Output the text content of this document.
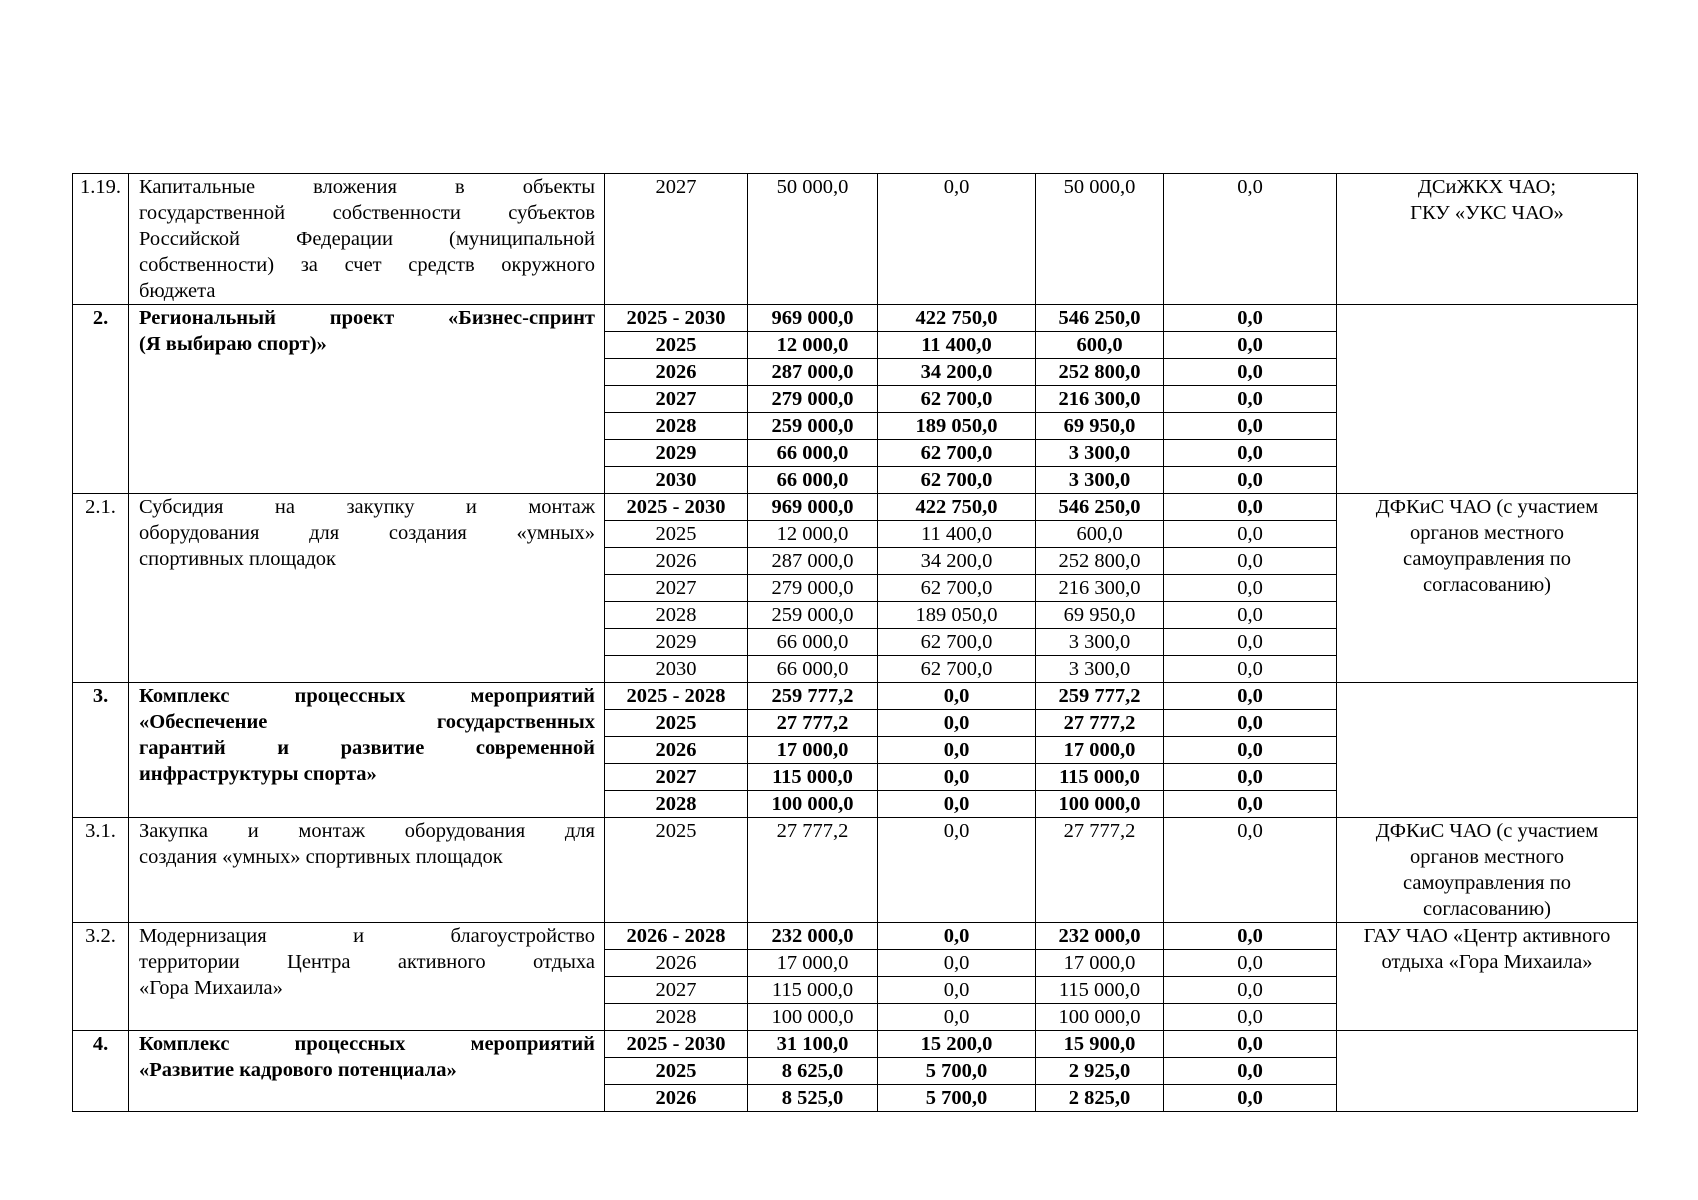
1.19.	Капитальные вложения в объекты
государственной собственности субъектов
Российской Федерации (муниципальной
собственности) за счет средств окружного
бюджета	2027	50 000,0	0,0	50 000,0	0,0	ДСиЖКХ ЧАО;
ГКУ «УКС ЧАО»
2.	Региональный проект «Бизнес-спринт
(Я выбираю спорт)»	2025 - 2030	969 000,0	422 750,0	546 250,0	0,0	
		2025	12 000,0	11 400,0	600,0	0,0	
		2026	287 000,0	34 200,0	252 800,0	0,0	
		2027	279 000,0	62 700,0	216 300,0	0,0	
		2028	259 000,0	189 050,0	69 950,0	0,0	
		2029	66 000,0	62 700,0	3 300,0	0,0	
		2030	66 000,0	62 700,0	3 300,0	0,0	
2.1.	Субсидия на закупку и монтаж
оборудования для создания «умных»
спортивных площадок	2025 - 2030	969 000,0	422 750,0	546 250,0	0,0	ДФКиС ЧАО (с участием органов местного самоуправления по согласованию)
		2025	12 000,0	11 400,0	600,0	0,0	
		2026	287 000,0	34 200,0	252 800,0	0,0	
		2027	279 000,0	62 700,0	216 300,0	0,0	
		2028	259 000,0	189 050,0	69 950,0	0,0	
		2029	66 000,0	62 700,0	3 300,0	0,0	
		2030	66 000,0	62 700,0	3 300,0	0,0	
3.	Комплекс процессных мероприятий
«Обеспечение государственных
гарантий и развитие современной
инфраструктуры спорта»	2025 - 2028	259 777,2	0,0	259 777,2	0,0	
		2025	27 777,2	0,0	27 777,2	0,0	
		2026	17 000,0	0,0	17 000,0	0,0	
		2027	115 000,0	0,0	115 000,0	0,0	
		2028	100 000,0	0,0	100 000,0	0,0	
3.1.	Закупка и монтаж оборудования для
создания «умных» спортивных площадок	2025	27 777,2	0,0	27 777,2	0,0	ДФКиС ЧАО (с участием органов местного самоуправления по согласованию)
3.2.	Модернизация и благоустройство
территории Центра активного отдыха
«Гора Михаила»	2026 - 2028	232 000,0	0,0	232 000,0	0,0	ГАУ ЧАО «Центр активного отдыха «Гора Михаила»
		2026	17 000,0	0,0	17 000,0	0,0	
		2027	115 000,0	0,0	115 000,0	0,0	
		2028	100 000,0	0,0	100 000,0	0,0	
4.	Комплекс процессных мероприятий
«Развитие кадрового потенциала»	2025 - 2030	31 100,0	15 200,0	15 900,0	0,0	
		2025	8 625,0	5 700,0	2 925,0	0,0	
		2026	8 525,0	5 700,0	2 825,0	0,0	
